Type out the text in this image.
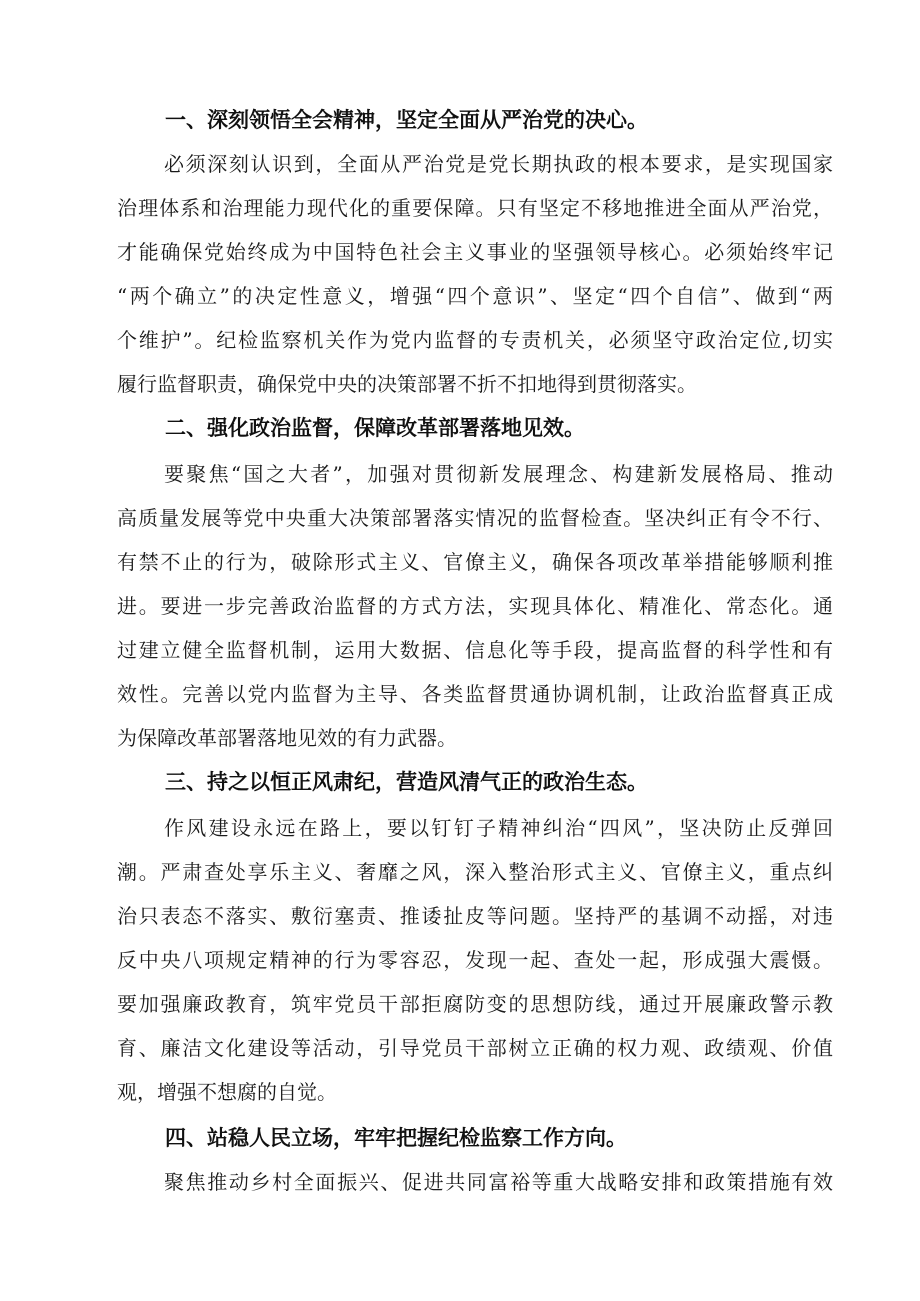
一、深刻领悟全会精神，坚定全面从严治党的决心。
必须深刻认识到，全面从严治党是党长期执政的根本要求，是实现国家
治理体系和治理能力现代化的重要保障。只有坚定不移地推进全面从严治党，
才能确保党始终成为中国特色社会主义事业的坚强领导核心。必须始终牢记
“两个确立”的决定性意义，增强“四个意识”、坚定“四个自信”、做到“两
个维护”。纪检监察机关作为党内监督的专责机关，必须坚守政治定位,切实
履行监督职责，确保党中央的决策部署不折不扣地得到贯彻落实。
二、强化政治监督，保障改革部署落地见效。
要聚焦“国之大者”，加强对贯彻新发展理念、构建新发展格局、推动
高质量发展等党中央重大决策部署落实情况的监督检查。坚决纠正有令不行、
有禁不止的行为，破除形式主义、官僚主义，确保各项改革举措能够顺利推
进。要进一步完善政治监督的方式方法，实现具体化、精准化、常态化。通
过建立健全监督机制，运用大数据、信息化等手段，提高监督的科学性和有
效性。完善以党内监督为主导、各类监督贯通协调机制，让政治监督真正成
为保障改革部署落地见效的有力武器。
三、持之以恒正风肃纪，营造风清气正的政治生态。
作风建设永远在路上，要以钉钉子精神纠治“四风”，坚决防止反弹回
潮。严肃查处享乐主义、奢靡之风，深入整治形式主义、官僚主义，重点纠
治只表态不落实、敷衍塞责、推诿扯皮等问题。坚持严的基调不动摇，对违
反中央八项规定精神的行为零容忍，发现一起、查处一起，形成强大震慑。
要加强廉政教育，筑牢党员干部拒腐防变的思想防线，通过开展廉政警示教
育、廉洁文化建设等活动，引导党员干部树立正确的权力观、政绩观、价值
观，增强不想腐的自觉。
四、站稳人民立场，牢牢把握纪检监察工作方向。
聚焦推动乡村全面振兴、促进共同富裕等重大战略安排和政策措施有效
